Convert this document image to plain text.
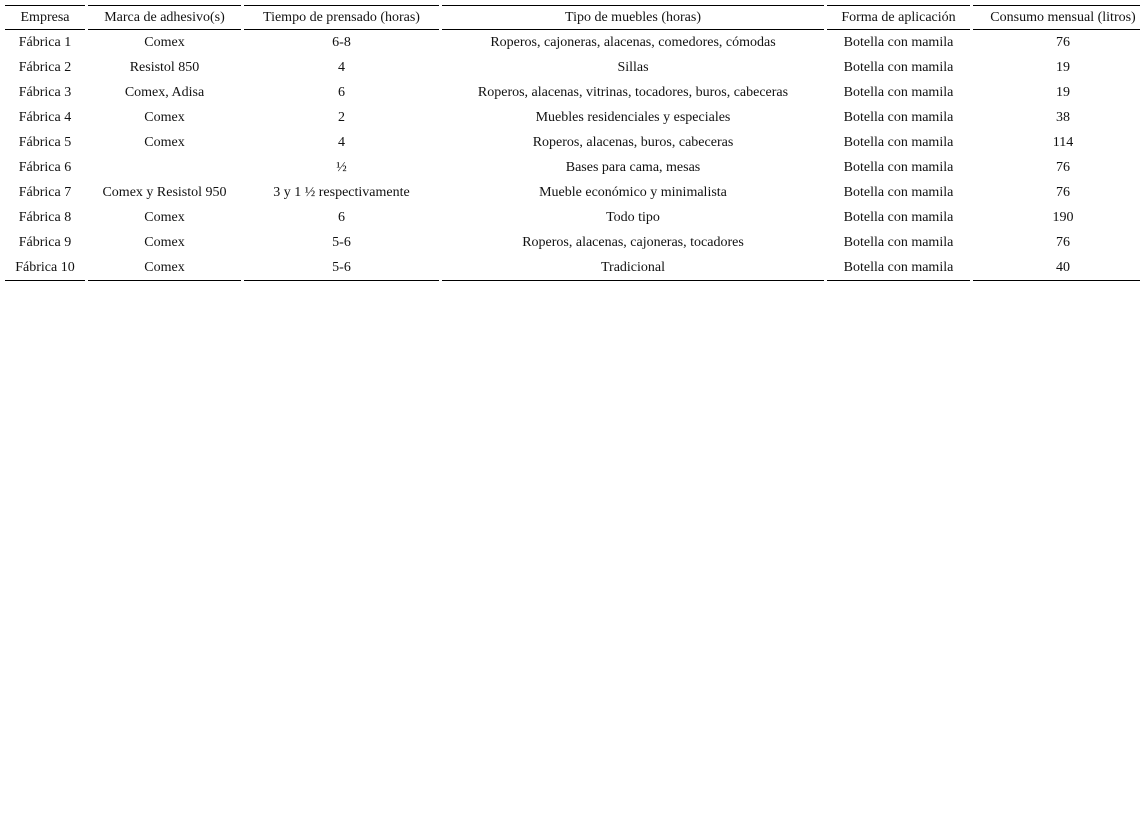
Empresa	Marca de adhesivo(s)	Tiempo de prensado (horas)	Tipo de muebles (horas)	Forma de aplicación	Consumo mensual (litros)
Fábrica 1	Comex	6-8	Roperos, cajoneras, alacenas, comedores, cómodas	Botella con mamila	76
Fábrica 2	Resistol 850	4	Sillas	Botella con mamila	19
Fábrica 3	Comex, Adisa	6	Roperos, alacenas, vitrinas, tocadores, buros, cabeceras	Botella con mamila	19
Fábrica 4	Comex	2	Muebles residenciales y especiales	Botella con mamila	38
Fábrica 5	Comex	4	Roperos, alacenas, buros, cabeceras	Botella con mamila	114
Fábrica 6		½	Bases para cama, mesas	Botella con mamila	76
Fábrica 7	Comex y Resistol 950	3 y 1 ½ respectivamente	Mueble económico y minimalista	Botella con mamila	76
Fábrica 8	Comex	6	Todo tipo	Botella con mamila	190
Fábrica 9	Comex	5-6	Roperos, alacenas, cajoneras, tocadores	Botella con mamila	76
Fábrica 10	Comex	5-6	Tradicional	Botella con mamila	40
